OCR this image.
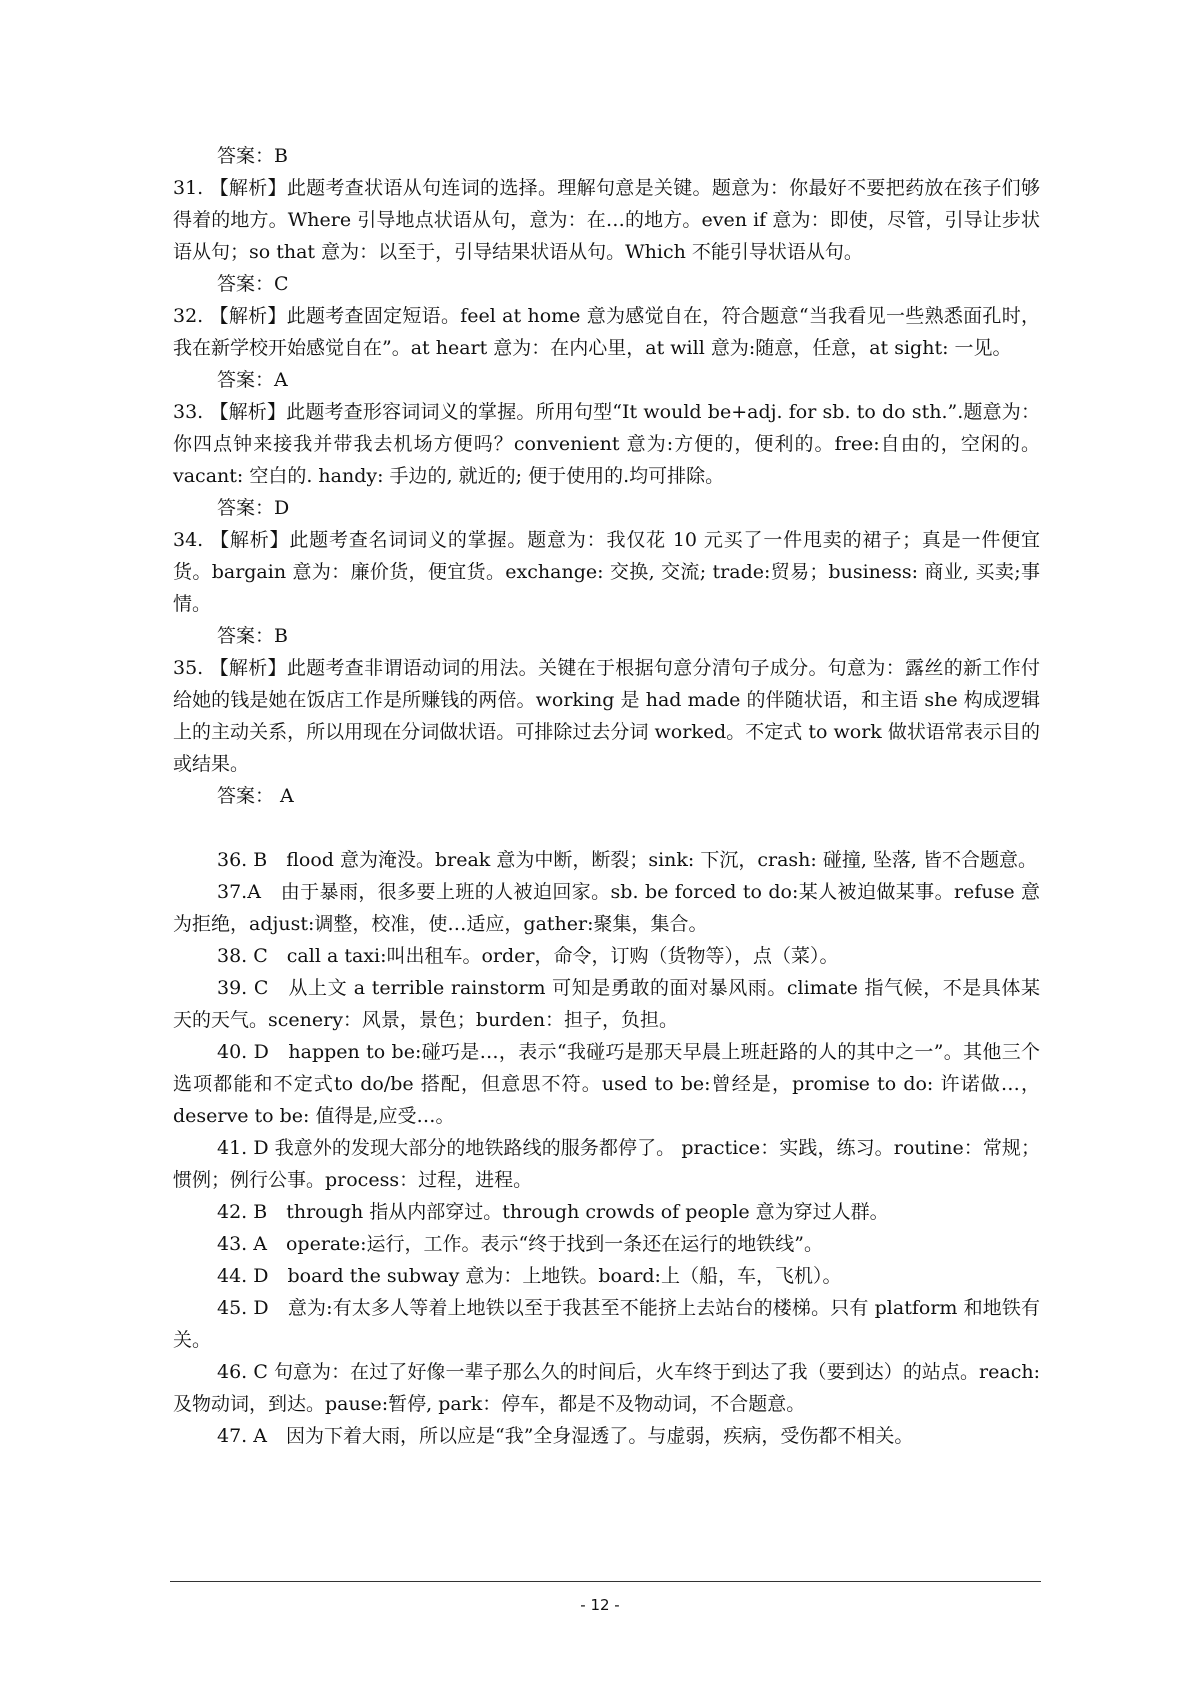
答案：B

31. 【解析】此题考查状语从句连词的选择。理解句意是关键。题意为：你最好不要把药放在孩子们够得着的地方。Where 引导地点状语从句，意为：在…的地方。even if 意为：即使，尽管，引导让步状语从句；so that 意为：以至于，引导结果状语从句。Which 不能引导状语从句。

答案：C

32. 【解析】此题考查固定短语。feel at home 意为感觉自在，符合题意“当我看见一些熟悉面孔时，我在新学校开始感觉自在”。at heart 意为：在内心里，at will 意为:随意，任意，at sight: 一见。

答案：A

33. 【解析】此题考查形容词词义的掌握。所用句型“It would be+adj. for sb. to do sth.”.题意为：你四点钟来接我并带我去机场方便吗？convenient 意为:方便的，便利的。free:自由的，空闲的。vacant: 空白的. handy: 手边的, 就近的; 便于使用的.均可排除。

答案：D

34. 【解析】此题考查名词词义的掌握。题意为：我仅花 10 元买了一件甩卖的裙子；真是一件便宜货。bargain 意为：廉价货，便宜货。exchange: 交换, 交流; trade:贸易；business: 商业, 买卖;事情。

答案：B

35. 【解析】此题考查非谓语动词的用法。关键在于根据句意分清句子成分。句意为：露丝的新工作付给她的钱是她在饭店工作是所赚钱的两倍。working 是 had made 的伴随状语，和主语 she 构成逻辑上的主动关系，所以用现在分词做状语。可排除过去分词 worked。不定式 to work 做状语常表示目的或结果。

答案： A

36. B　flood 意为淹没。break 意为中断，断裂；sink: 下沉，crash: 碰撞, 坠落, 皆不合题意。

37.A　由于暴雨，很多要上班的人被迫回家。sb. be forced to do:某人被迫做某事。refuse 意为拒绝，adjust:调整，校准，使…适应，gather:聚集，集合。

38. C　call a taxi:叫出租车。order，命令，订购（货物等），点（菜）。

39. C　从上文 a terrible rainstorm 可知是勇敢的面对暴风雨。climate 指气候，不是具体某天的天气。scenery：风景，景色；burden：担子，负担。

40. D　happen to be:碰巧是…，表示“我碰巧是那天早晨上班赶路的人的其中之一”。其他三个选项都能和不定式to do/be 搭配，但意思不符。used to be:曾经是，promise to do: 许诺做…，deserve to be: 值得是,应受…。

41. D 我意外的发现大部分的地铁路线的服务都停了。 practice：实践，练习。routine：常规；惯例；例行公事。process：过程，进程。

42. B　through 指从内部穿过。through crowds of people 意为穿过人群。

43. A　operate:运行，工作。表示“终于找到一条还在运行的地铁线”。

44. D　board the subway 意为：上地铁。board:上（船，车，飞机）。

45. D　意为:有太多人等着上地铁以至于我甚至不能挤上去站台的楼梯。只有 platform 和地铁有关。

46. C 句意为：在过了好像一辈子那么久的时间后，火车终于到达了我（要到达）的站点。reach:及物动词，到达。pause:暂停, park：停车，都是不及物动词，不合题意。

47. A　因为下着大雨，所以应是“我”全身湿透了。与虚弱，疾病，受伤都不相关。

- 12 -
